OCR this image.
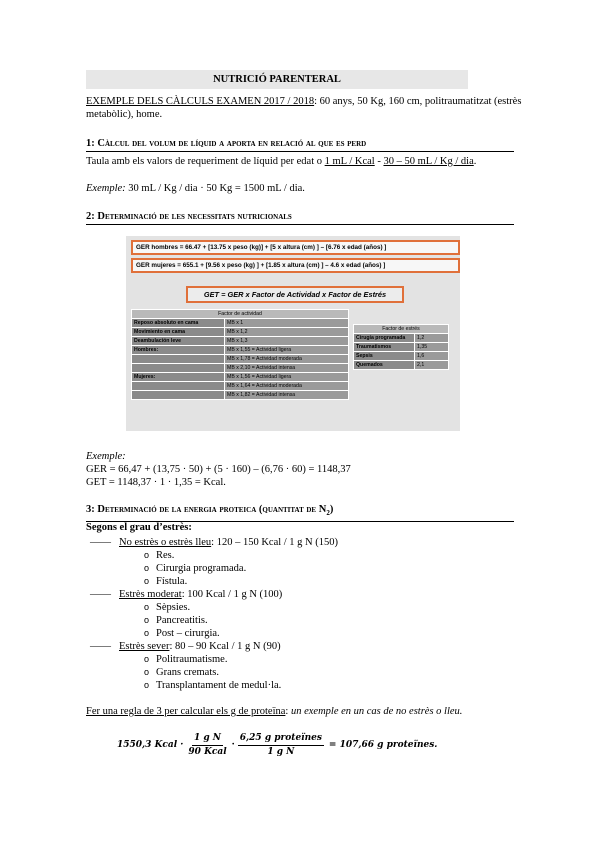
NUTRICIÓ PARENTERAL
EXEMPLE DELS CÀLCULS EXAMEN 2017 / 2018: 60 anys, 50 Kg, 160 cm, politraumatitzat (estrès metabòlic), home.
1: Càlcul del volum de líquid a aporta en relació al que es perd
Taula amb els valors de requeriment de líquid per edat o 1 mL / Kcal - 30 – 50 mL / Kg / dia.
Exemple: 30 mL / Kg / dia · 50 Kg = 1500 mL / dia.
2: Determinació de les necessitats nutricionals
GER hombres = 66.47 + [13.75 x peso (kg)] + [5 x altura (cm) ] – [6.76 x edad (años) ]
GER mujeres = 655.1 + [9.56 x peso (kg) ] + [1.85 x altura (cm) ] – 4.6 x edad (años) ]
GET = GER x Factor de Actividad x Factor de Estrés
Factor de actividad	
Reposo absoluto en cama	MB x 1
Movimiento en cama	MB x 1,2
Deambulación leve	MB x 1,3
Hombres:	MB x 1,55 = Actividad ligera
	MB x 1,78 = Actividad moderada
	MB x 2,10 = Actividad intensa
Mujeres:	MB x 1,56 = Actividad ligera
	MB x 1,64 = Actividad moderada
	MB x 1,82 = Actividad intensa
Factor de estrés	
Cirugía programada	1,2
Traumatismos	1,35
Sepsis	1,6
Quemados	2,1
Exemple:
GER = 66,47 + (13,75 · 50) + (5 · 160) – (6,76 · 60) = 1148,37
GET = 1148,37 · 1 · 1,35 = Kcal.
3: Determinació de la energia proteica (quantitat de $N_2$)
Segons el grau d’estrès:
—— No estrès o estrès lleu: 120 – 150 Kcal / 1 g N (150)
o Res.
o Cirurgia programada.
o Fístula.
—— Estrès moderat: 100 Kcal / 1 g N (100)
o Sèpsies.
o Pancreatitis.
o Post – cirurgia.
—— Estrès sever: 80 – 90 Kcal / 1 g N (90)
o Politraumatisme.
o Grans cremats.
o Transplantament de medul·la.
Fer una regla de 3 per calcular els g de proteïna: un exemple en un cas de no estrès o lleu.
1550,3 Kcal · $\frac{\text{1 g N}}{\text{90 Kcal}} \cdot \frac{\text{6,25 g proteïnes}}{\text{1 g N}} = 107,66$ g proteïnes.
